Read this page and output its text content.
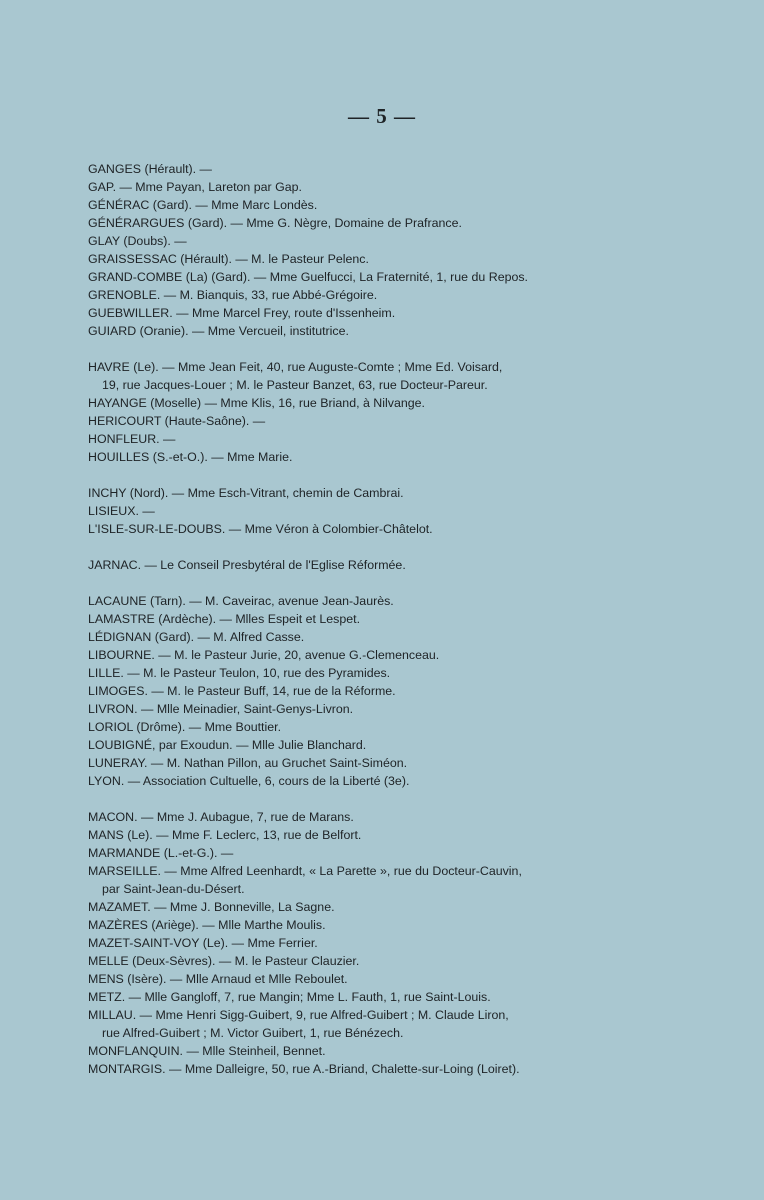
— 5 —
GANGES (Hérault). —
GAP. — Mme Payan, Lareton par Gap.
GÉNÉRAC (Gard). — Mme Marc Londès.
GÉNÉRARGUES (Gard). — Mme G. Nègre, Domaine de Prafrance.
GLAY (Doubs). —
GRAISSESSAC (Hérault). — M. le Pasteur Pelenc.
GRAND-COMBE (La) (Gard). — Mme Guelfucci, La Fraternité, 1, rue du Repos.
GRENOBLE. — M. Bianquis, 33, rue Abbé-Grégoire.
GUEBWILLER. — Mme Marcel Frey, route d'Issenheim.
GUIARD (Oranie). — Mme Vercueil, institutrice.
HAVRE (Le). — Mme Jean Feit, 40, rue Auguste-Comte ; Mme Ed. Voisard,
19, rue Jacques-Louer ; M. le Pasteur Banzet, 63, rue Docteur-Pareur.
HAYANGE (Moselle) — Mme Klis, 16, rue Briand, à Nilvange.
HERICOURT (Haute-Saône). —
HONFLEUR. —
HOUILLES (S.-et-O.). — Mme Marie.
INCHY (Nord). — Mme Esch-Vitrant, chemin de Cambrai.
LISIEUX. —
L'ISLE-SUR-LE-DOUBS. — Mme Véron à Colombier-Châtelot.
JARNAC. — Le Conseil Presbytéral de l'Eglise Réformée.
LACAUNE (Tarn). — M. Caveirac, avenue Jean-Jaurès.
LAMASTRE (Ardèche). — Mlles Espeit et Lespet.
LÉDIGNAN (Gard). — M. Alfred Casse.
LIBOURNE. — M. le Pasteur Jurie, 20, avenue G.-Clemenceau.
LILLE. — M. le Pasteur Teulon, 10, rue des Pyramides.
LIMOGES. — M. le Pasteur Buff, 14, rue de la Réforme.
LIVRON. — Mlle Meinadier, Saint-Genys-Livron.
LORIOL (Drôme). — Mme Bouttier.
LOUBIGNÉ, par Exoudun. — Mlle Julie Blanchard.
LUNERAY. — M. Nathan Pillon, au Gruchet Saint-Siméon.
LYON. — Association Cultuelle, 6, cours de la Liberté (3e).
MACON. — Mme J. Aubague, 7, rue de Marans.
MANS (Le). — Mme F. Leclerc, 13, rue de Belfort.
MARMANDE (L.-et-G.). —
MARSEILLE. — Mme Alfred Leenhardt, « La Parette », rue du Docteur-Cauvin,
par Saint-Jean-du-Désert.
MAZAMET. — Mme J. Bonneville, La Sagne.
MAZÈRES (Ariège). — Mlle Marthe Moulis.
MAZET-SAINT-VOY (Le). — Mme Ferrier.
MELLE (Deux-Sèvres). — M. le Pasteur Clauzier.
MENS (Isère). — Mlle Arnaud et Mlle Reboulet.
METZ. — Mlle Gangloff, 7, rue Mangin; Mme L. Fauth, 1, rue Saint-Louis.
MILLAU. — Mme Henri Sigg-Guibert, 9, rue Alfred-Guibert ; M. Claude Liron,
rue Alfred-Guibert ; M. Victor Guibert, 1, rue Bénézech.
MONFLANQUIN. — Mlle Steinheil, Bennet.
MONTARGIS. — Mme Dalleigre, 50, rue A.-Briand, Chalette-sur-Loing (Loiret).
